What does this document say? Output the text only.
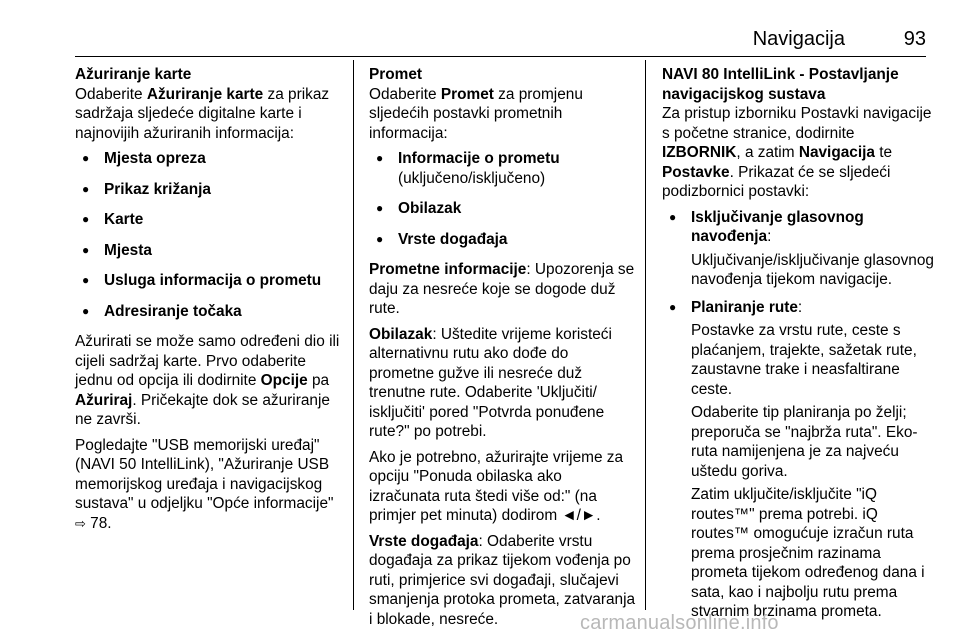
Navigacija	93

Ažuriranje karte

Odaberite Ažuriranje karte za prikaz sadržaja sljedeće digitalne karte i najnovijih ažuriranih informacija:

● Mjesta opreza
● Prikaz križanja
● Karte
● Mjesta
● Usluga informacija o prometu
● Adresiranje točaka

Ažurirati se može samo određeni dio ili cijeli sadržaj karte. Prvo odaberite jednu od opcija ili dodirnite Opcije pa Ažuriraj. Pričekajte dok se ažuriranje ne završi.

Pogledajte "USB memorijski uređaj" (NAVI 50 IntelliLink), "Ažuriranje USB memorijskog uređaja i navigacijskog sustava" u odjeljku "Opće informacije" ⇨ 78.

Promet

Odaberite Promet za promjenu sljedećih postavki prometnih informacija:

● Informacije o prometu
(uključeno/isključeno)
● Obilazak
● Vrste događaja

Prometne informacije: Upozorenja se daju za nesreće koje se dogode duž rute.

Obilazak: Uštedite vrijeme koristeći alternativnu rutu ako dođe do prometne gužve ili nesreće duž trenutne rute. Odaberite 'Uključiti/ isključiti' pored "Potvrda ponuđene rute?" po potrebi.

Ako je potrebno, ažurirajte vrijeme za opciju "Ponuda obilaska ako izračunata ruta štedi više od:" (na primjer pet minuta) dodirom ◄/►.

Vrste događaja: Odaberite vrstu događaja za prikaz tijekom vođenja po ruti, primjerice svi događaji, slučajevi smanjenja protoka prometa, zatvaranja i blokade, nesreće.

NAVI 80 IntelliLink - Postavljanje navigacijskog sustava

Za pristup izborniku Postavki navigacije s početne stranice, dodirnite IZBORNIK, a zatim Navigacija te Postavke. Prikazat će se sljedeći podizbornici postavki:

● Isključivanje glasovnog navođenja:

Uključivanje/isključivanje glasovnog navođenja tijekom navigacije.

● Planiranje rute:

Postavke za vrstu rute, ceste s plaćanjem, trajekte, sažetak rute, zaustavne trake i neasfaltirane ceste.

Odaberite tip planiranja po želji; preporuča se "najbrža ruta". Eko-ruta namijenjena je za najveću uštedu goriva.

Zatim uključite/isključite "iQ routes™" prema potrebi. iQ routes™ omogućuje izračun ruta prema prosječnim razinama prometa tijekom određenog dana i sata, kao i najbolju rutu prema stvarnim brzinama prometa.

carmanualsonline.info
